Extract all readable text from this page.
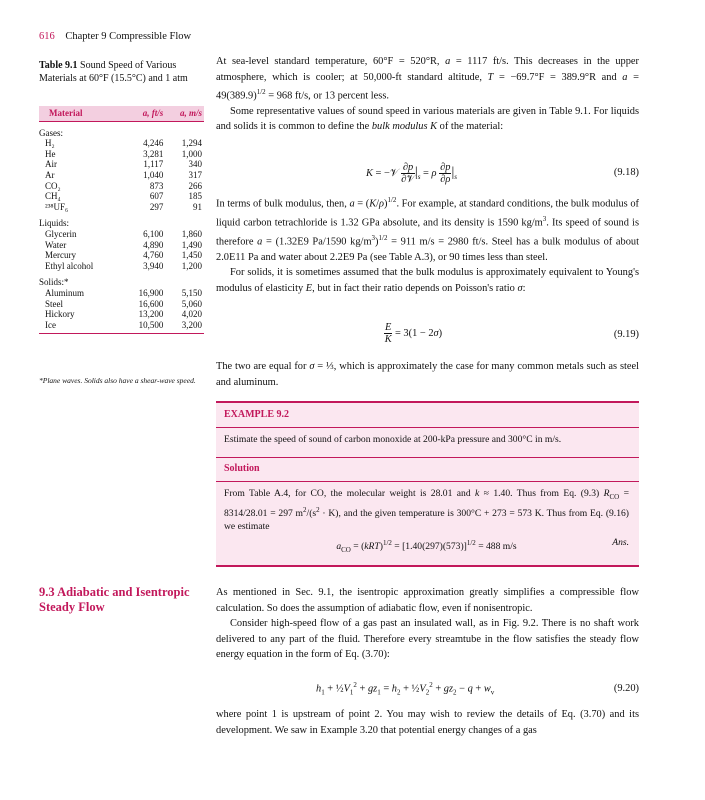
616 Chapter 9 Compressible Flow
Table 9.1 Sound Speed of Various Materials at 60°F (15.5°C) and 1 atm
Material	a, ft/s	a, m/s
Gases:		
H₂	4,246	1,294
He	3,281	1,000
Air	1,117	340
Ar	1,040	317
CO₂	873	266
CH₄	607	185
²³⁸UF₆	297	91
Liquids:		
Glycerin	6,100	1,860
Water	4,890	1,490
Mercury	4,760	1,450
Ethyl alcohol	3,940	1,200
Solids:*		
Aluminum	16,900	5,150
Steel	16,600	5,060
Hickory	13,200	4,020
Ice	10,500	3,200
*Plane waves. Solids also have a shear-wave speed.

At sea-level standard temperature, 60°F = 520°R, a = 1117 ft/s. This decreases in the upper atmosphere, which is cooler; at 50,000-ft standard altitude, T = −69.7°F = 389.9°R and $a = 49(389.9)^{1/2} = 968$ ft/s, or 13 percent less.

Some representative values of sound speed in various materials are given in Table 9.1. For liquids and solids it is common to define the bulk modulus K of the material:

K = −𝒱 $\frac{\partial p}{\text{∂𝒱}} |_s = \rho \frac{\partial p}{\partial\rho} |_s$	(9.18)

In terms of bulk modulus, then, $a = (K/\rho)^{1/2}$. For example, at standard conditions, the bulk modulus of liquid carbon tetrachloride is 1.32 GPa absolute, and its density is 1590 $kg/m^3$. Its speed of sound is therefore a = (1.32E9 Pa/1590 $kg/m^3)^{1/2} = 911$ m/s = 2980 ft/s. Steel has a bulk modulus of about 2.0E11 Pa and water about 2.2E9 Pa (see Table A.3), or 90 times less than steel.

For solids, it is sometimes assumed that the bulk modulus is approximately equivalent to Young's modulus of elasticity E, but in fact their ratio depends on Poisson's ratio σ:

$\frac{E}{K} = 3(1 - 2\sigma)$	(9.19)

The two are equal for σ = ⅓, which is approximately the case for many common metals such as steel and aluminum.

EXAMPLE 9.2
Estimate the speed of sound of carbon monoxide at 200-kPa pressure and 300°C in m/s.
Solution
From Table A.4, for CO, the molecular weight is 28.01 and k ≈ 1.40. Thus from Eq. (9.3) $R_{CO} = 8314/28.01 = 297$ $m^2/(s^2 \cdot K)$, and the given temperature is 300°C + 273 = 573 K. Thus from Eq. (9.16) we estimate
$a_{CO} = (kRT)^{1/2} = [1.40(297)(573)]^{1/2} = 488$ m/s	Ans.
9.3 Adiabatic and Isentropic Steady Flow

As mentioned in Sec. 9.1, the isentropic approximation greatly simplifies a compressible flow calculation. So does the assumption of adiabatic flow, even if nonisentropic.

Consider high-speed flow of a gas past an insulated wall, as in Fig. 9.2. There is no shaft work delivered to any part of the fluid. Therefore every streamtube in the flow satisfies the steady flow energy equation in the form of Eq. (3.70):

$h_1$ + $\frac{1}{2}V_1^2 + gz_1 = h_2$ + $\frac{1}{2}V_2^2 + gz_2 - q + w_v$	(9.20)

where point 1 is upstream of point 2. You may wish to review the details of Eq. (3.70) and its development. We saw in Example 3.20 that potential energy changes of a gas
